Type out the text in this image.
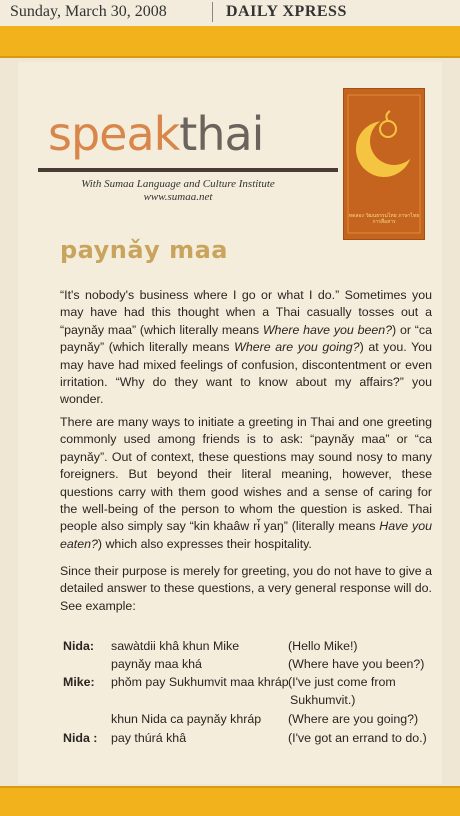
Sunday, March 30, 2008	DAILY XPRESS
speakthai
With Sumaa Language and Culture Institute
www.sumaa.net
ทดลอง วัฒนธรรมไทย ภาษาไทย การสื่อสาร
paynǎy maa

“It's nobody's business where I go or what I do.” Sometimes you may have had this thought when a Thai casually tosses out a “paynǎy maa” (which literally means Where have you been?) or “ca paynǎy” (which literally means Where are you going?) at you. You may have had mixed feelings of confusion, discontentment or even irritation. “Why do they want to know about my affairs?” you wonder.

There are many ways to initiate a greeting in Thai and one greeting commonly used among friends is to ask: “paynǎy maa” or “ca paynǎy”. Out of context, these questions may sound nosy to many foreigners. But beyond their literal meaning, however, these questions carry with them good wishes and a sense of caring for the well-being of the person to whom the question is asked. Thai people also simply say “kin khaâw rɨ̌ yaŋ” (literally means Have you eaten?) which also expresses their hospitality.

Since their purpose is merely for greeting, you do not have to give a detailed answer to these questions, a very general response will do. See example:

Nida: sawàtdii khâ khun Mike	(Hello Mike!)
paynǎy maa khá	(Where have you been?)
Mike: phǒm pay Sukhumvit maa khráp (I've just come from
Sukhumvit.)
khun Nida ca paynǎy khráp (Where are you going?)
Nida : pay thúrá khâ	(I've got an errand to do.)
